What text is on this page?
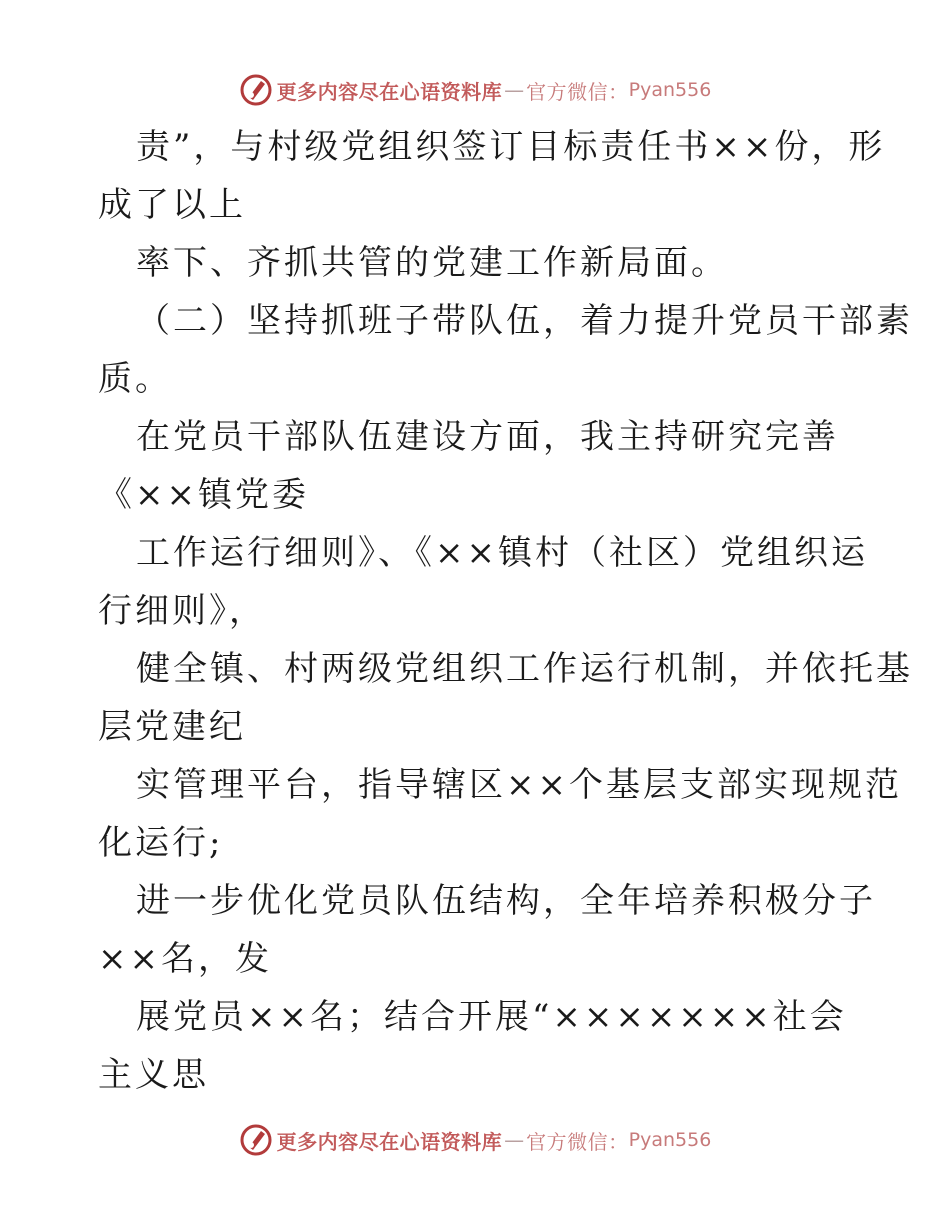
更多内容尽在心语资料库 — 官方微信： Pyan556
责”，与村级党组织签订目标责任书××份，形
成了以上
率下、齐抓共管的党建工作新局面。
（二）坚持抓班子带队伍，着力提升党员干部素
质。
在党员干部队伍建设方面，我主持研究完善
《××镇党委
工作运行细则》、《××镇村（社区）党组织运
行细则》，
健全镇、村两级党组织工作运行机制，并依托基
层党建纪
实管理平台，指导辖区××个基层支部实现规范
化运行;
进一步优化党员队伍结构，全年培养积极分子
××名，发
展党员××名；结合开展“×××××××社会
主义思
更多内容尽在心语资料库 — 官方微信： Pyan556
